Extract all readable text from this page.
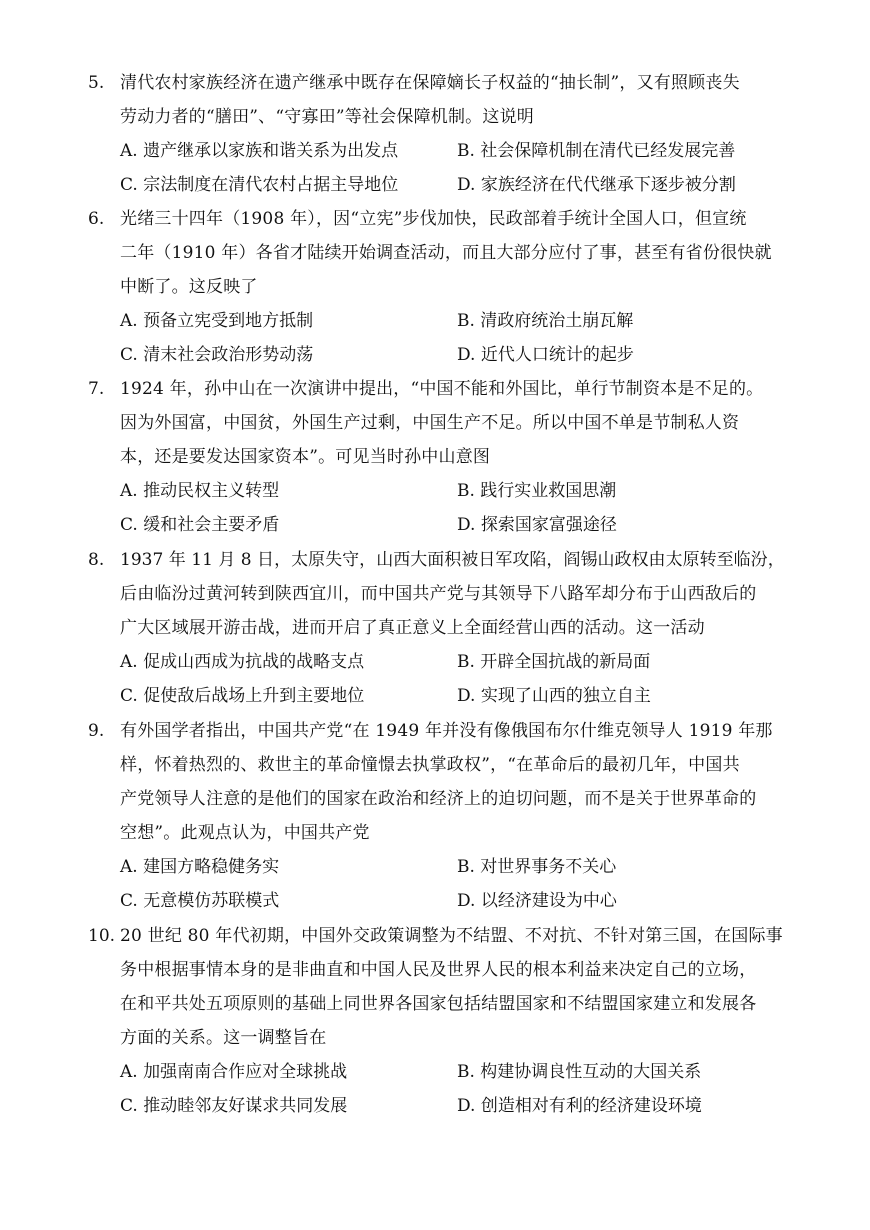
5. 清代农村家族经济在遗产继承中既存在保障嫡长子权益的“抽长制”，又有照顾丧失
劳动力者的“膳田”、“守寡田”等社会保障机制。这说明
A. 遗产继承以家族和谐关系为出发点	B. 社会保障机制在清代已经发展完善
C. 宗法制度在清代农村占据主导地位	D. 家族经济在代代继承下逐步被分割
6. 光绪三十四年（1908 年），因“立宪”步伐加快，民政部着手统计全国人口，但宣统
二年（1910 年）各省才陆续开始调查活动，而且大部分应付了事，甚至有省份很快就
中断了。这反映了
A. 预备立宪受到地方抵制	B. 清政府统治土崩瓦解
C. 清末社会政治形势动荡	D. 近代人口统计的起步
7. 1924 年，孙中山在一次演讲中提出，“中国不能和外国比，单行节制资本是不足的。
因为外国富，中国贫，外国生产过剩，中国生产不足。所以中国不单是节制私人资
本，还是要发达国家资本”。可见当时孙中山意图
A. 推动民权主义转型	B. 践行实业救国思潮
C. 缓和社会主要矛盾	D. 探索国家富强途径
8. 1937 年 11 月 8 日，太原失守，山西大面积被日军攻陷，阎锡山政权由太原转至临汾，
后由临汾过黄河转到陕西宜川，而中国共产党与其领导下八路军却分布于山西敌后的
广大区域展开游击战，进而开启了真正意义上全面经营山西的活动。这一活动
A. 促成山西成为抗战的战略支点	B. 开辟全国抗战的新局面
C. 促使敌后战场上升到主要地位	D. 实现了山西的独立自主
9. 有外国学者指出，中国共产党“在 1949 年并没有像俄国布尔什维克领导人 1919 年那
样，怀着热烈的、救世主的革命憧憬去执掌政权”，“在革命后的最初几年，中国共
产党领导人注意的是他们的国家在政治和经济上的迫切问题，而不是关于世界革命的
空想”。此观点认为，中国共产党
A. 建国方略稳健务实	B. 对世界事务不关心
C. 无意模仿苏联模式	D. 以经济建设为中心
10. 20 世纪 80 年代初期，中国外交政策调整为不结盟、不对抗、不针对第三国，在国际事
务中根据事情本身的是非曲直和中国人民及世界人民的根本利益来决定自己的立场，
在和平共处五项原则的基础上同世界各国家包括结盟国家和不结盟国家建立和发展各
方面的关系。这一调整旨在
A. 加强南南合作应对全球挑战	B. 构建协调良性互动的大国关系
C. 推动睦邻友好谋求共同发展	D. 创造相对有利的经济建设环境
